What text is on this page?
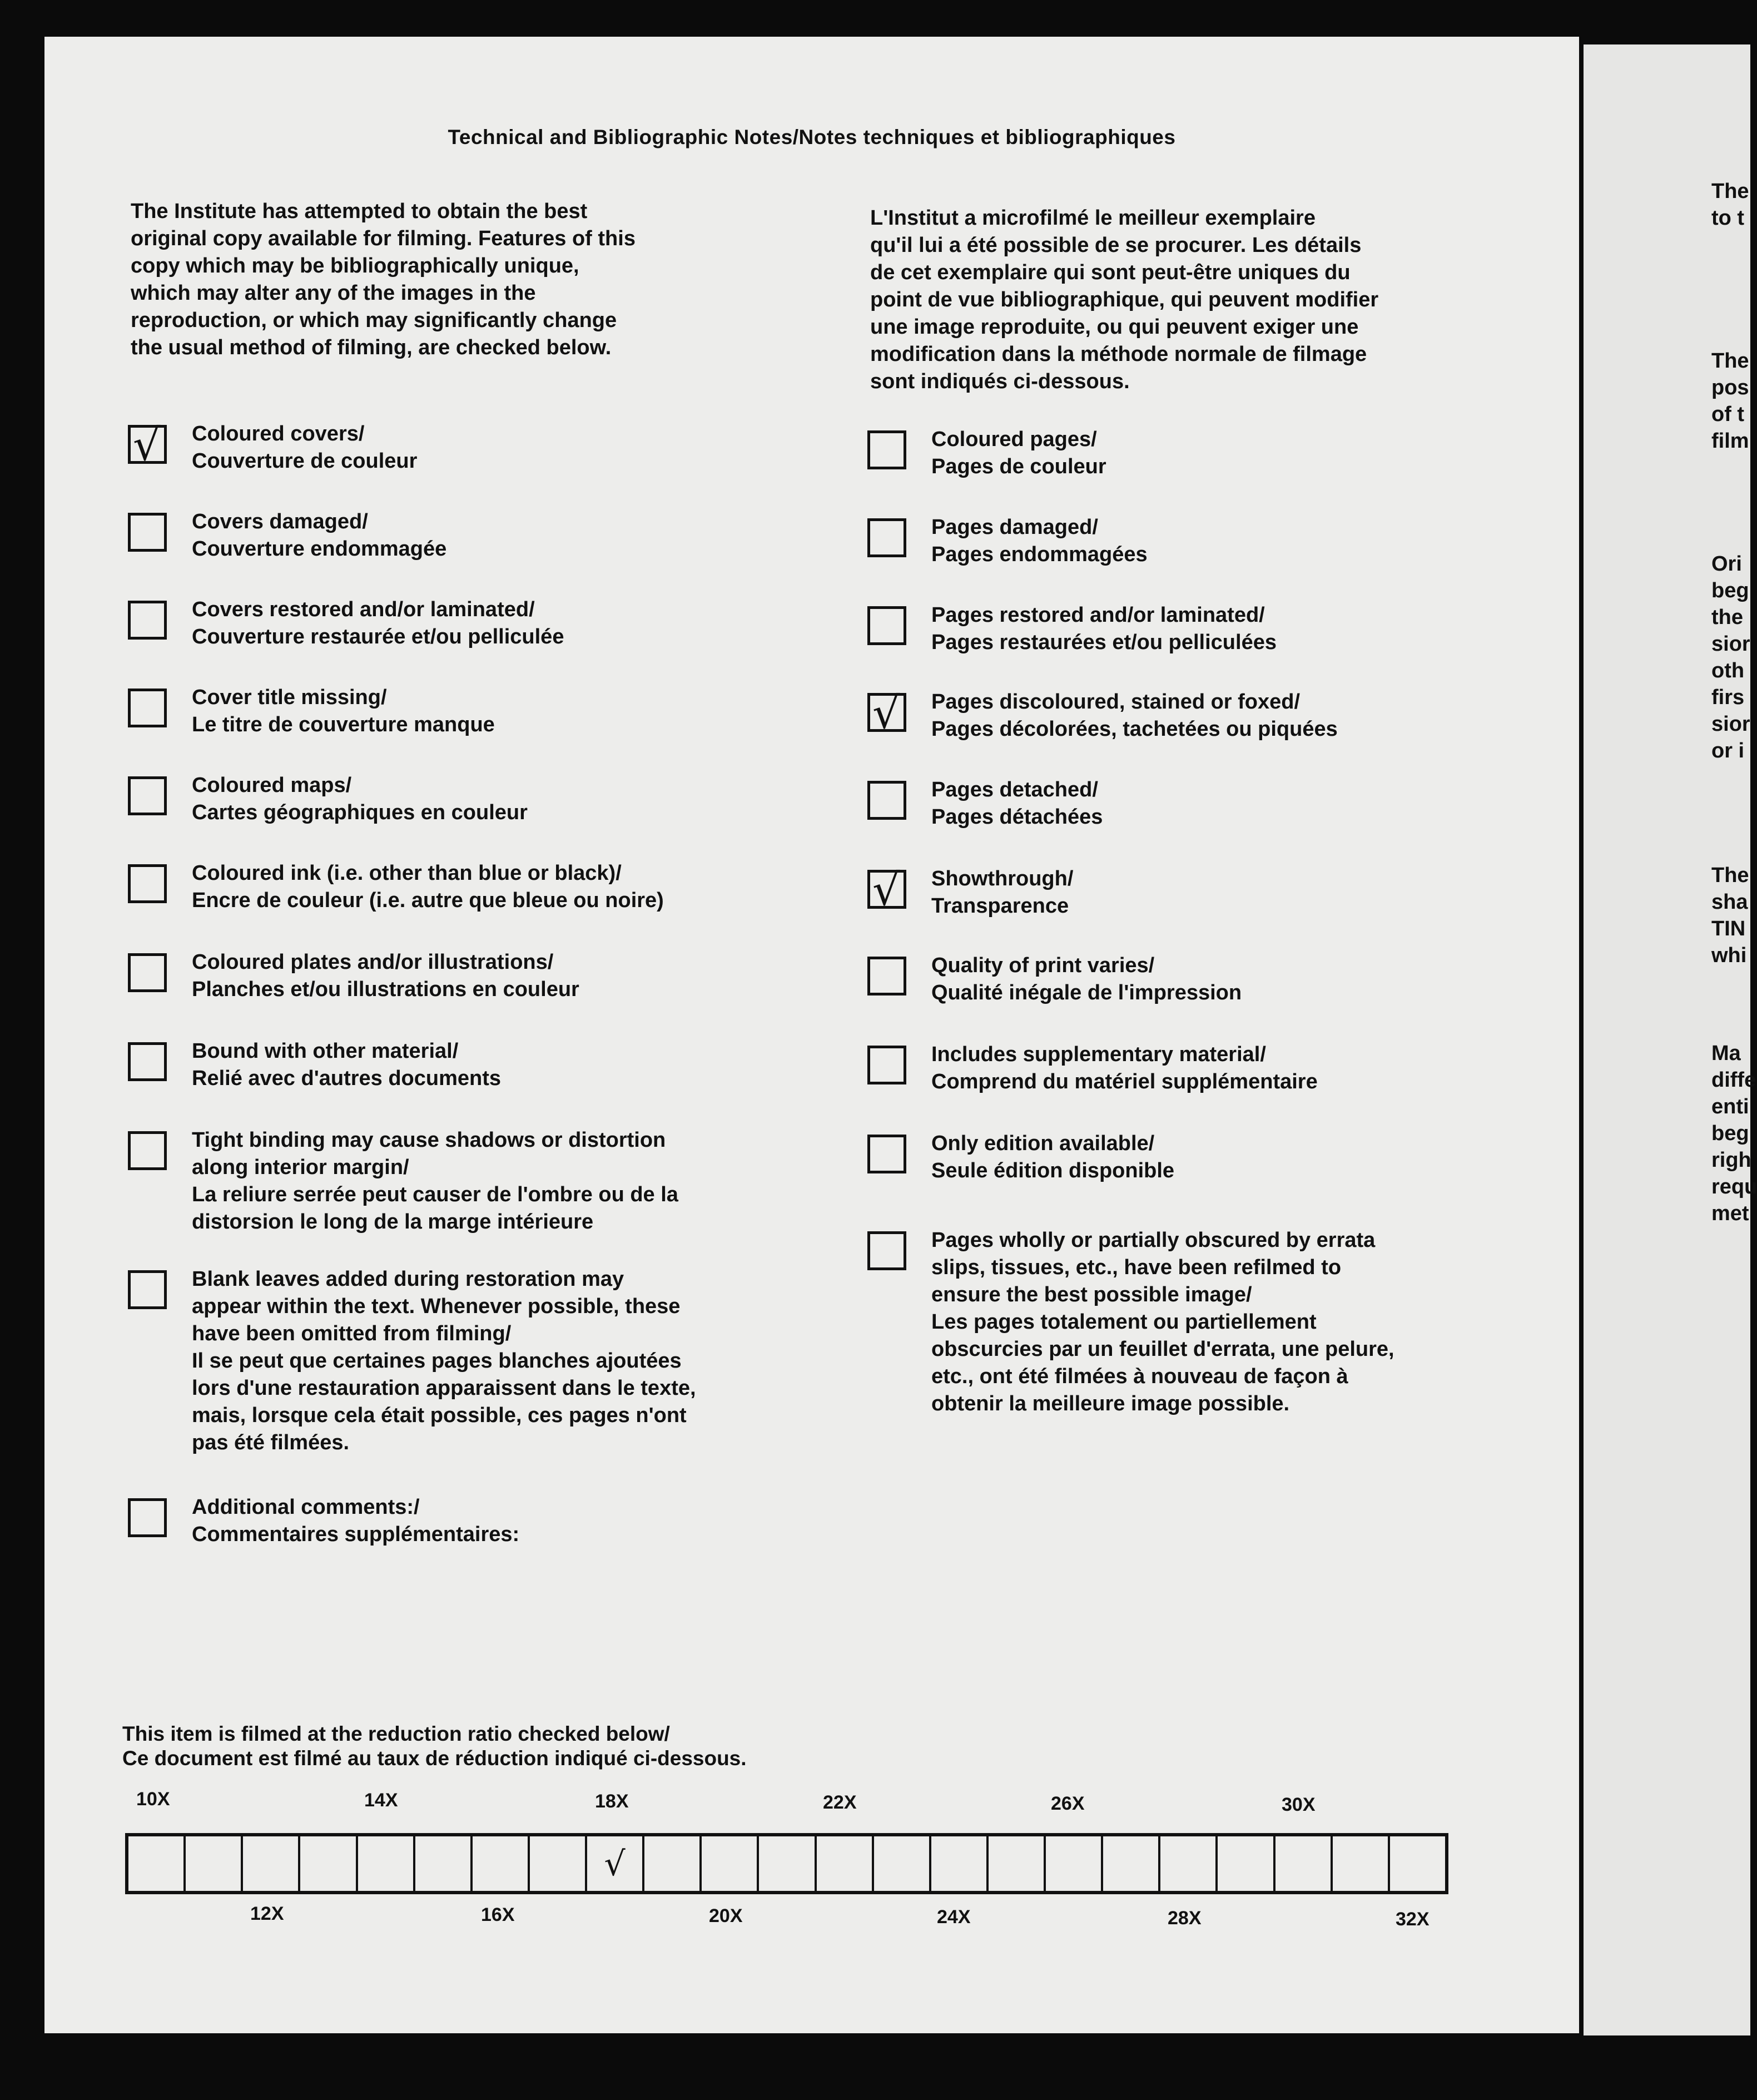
Technical and Bibliographic Notes/Notes techniques et bibliographiques
The Institute has attempted to obtain the best
original copy available for filming. Features of this
copy which may be bibliographically unique,
which may alter any of the images in the
reproduction, or which may significantly change
the usual method of filming, are checked below.
L'Institut a microfilmé le meilleur exemplaire
qu'il lui a été possible de se procurer. Les détails
de cet exemplaire qui sont peut-être uniques du
point de vue bibliographique, qui peuvent modifier
une image reproduite, ou qui peuvent exiger une
modification dans la méthode normale de filmage
sont indiqués ci-dessous.
√ Coloured covers/
Couverture de couleur
Covers damaged/
Couverture endommagée
Covers restored and/or laminated/
Couverture restaurée et/ou pelliculée
Cover title missing/
Le titre de couverture manque
Coloured maps/
Cartes géographiques en couleur
Coloured ink (i.e. other than blue or black)/
Encre de couleur (i.e. autre que bleue ou noire)
Coloured plates and/or illustrations/
Planches et/ou illustrations en couleur
Bound with other material/
Relié avec d'autres documents
Tight binding may cause shadows or distortion
along interior margin/
La reliure serrée peut causer de l'ombre ou de la
distorsion le long de la marge intérieure
Blank leaves added during restoration may
appear within the text. Whenever possible, these
have been omitted from filming/
Il se peut que certaines pages blanches ajoutées
lors d'une restauration apparaissent dans le texte,
mais, lorsque cela était possible, ces pages n'ont
pas été filmées.
Additional comments:/
Commentaires supplémentaires:
Coloured pages/
Pages de couleur
Pages damaged/
Pages endommagées
Pages restored and/or laminated/
Pages restaurées et/ou pelliculées
√ Pages discoloured, stained or foxed/
Pages décolorées, tachetées ou piquées
Pages detached/
Pages détachées
√ Showthrough/
Transparence
Quality of print varies/
Qualité inégale de l'impression
Includes supplementary material/
Comprend du matériel supplémentaire
Only edition available/
Seule édition disponible
Pages wholly or partially obscured by errata
slips, tissues, etc., have been refilmed to
ensure the best possible image/
Les pages totalement ou partiellement
obscurcies par un feuillet d'errata, une pelure,
etc., ont été filmées à nouveau de façon à
obtenir la meilleure image possible.
This item is filmed at the reduction ratio checked below/
Ce document est filmé au taux de réduction indiqué ci-dessous.
10X	14X	18X	22X	26X	30X
√
12X	16X	20X	24X	28X	32X
The
to t
The
pos
of t
film
Ori
beg
the
sior
oth
firs
sior
or i
The
sha
TIN
whi
Ma
diffe
enti
beg
righ
requ
met
